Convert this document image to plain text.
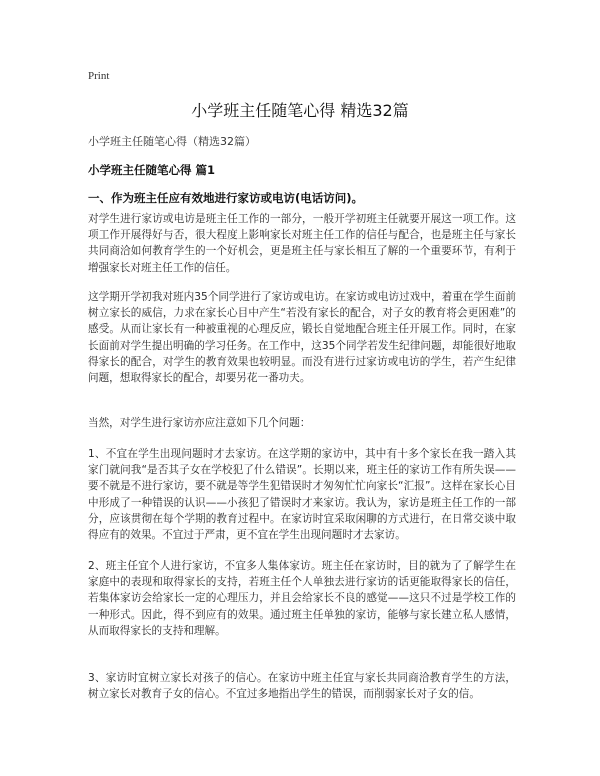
Print
小学班主任随笔心得 精选32篇
小学班主任随笔心得（精选32篇）
小学班主任随笔心得 篇1
一、作为班主任应有效地进行家访或电访(电话访问)。

对学生进行家访或电访是班主任工作的一部分，一般开学初班主任就要开展这一项工作。这项工作开展得好与否，很大程度上影响家长对班主任工作的信任与配合，也是班主任与家长共同商洽如何教育学生的一个好机会，更是班主任与家长相互了解的一个重要环节，有利于增强家长对班主任工作的信任。

这学期开学初我对班内35个同学进行了家访或电访。在家访或电访过戏中，着重在学生面前树立家长的威信，力求在家长心目中产生“若没有家长的配合，对子女的教育将会更困难”的感受。从而让家长有一种被重视的心理反应，锻长自觉地配合班主任开展工作。同时，在家长面前对学生提出明确的学习任务。在工作中，这35个同学若发生纪律问题，却能很好地取得家长的配合，对学生的教育效果也较明显。而没有进行过家访或电访的学生，若产生纪律问题，想取得家长的配合，却要另花一番功夫。

当然，对学生进行家访亦应注意如下几个问题：

1、不宜在学生出现问题时才去家访。在这学期的家访中，其中有十多个家长在我一踏入其家门就问我“是否其子女在学校犯了什么错误”。长期以来，班主任的家访工作有所失误——要不就是不进行家访，要不就是等学生犯错误时才匆匆忙忙向家长“汇报”。这样在家长心目中形成了一种错误的认识——小孩犯了错误时才来家访。我认为，家访是班主任工作的一部分，应该贯彻在每个学期的教育过程中。在家访时宜采取闲聊的方式进行，在日常交谈中取得应有的效果。不宜过于严肃，更不宜在学生出现问题时才去家访。

2、班主任宜个人进行家访，不宜多人集体家访。班主任在家访时，目的就为了了解学生在家庭中的表现和取得家长的支持，若班主任个人单独去进行家访的话更能取得家长的信任，若集体家访会给家长一定的心理压力，并且会给家长不良的感觉——这只不过是学校工作的一种形式。因此，得不到应有的效果。通过班主任单独的家访，能够与家长建立私人感情，从而取得家长的支持和理解。

3、家访时宜树立家长对孩子的信心。在家访中班主任宜与家长共同商洽教育学生的方法，树立家长对教育子女的信心。不宜过多地指出学生的错误，而削弱家长对子女的信。
